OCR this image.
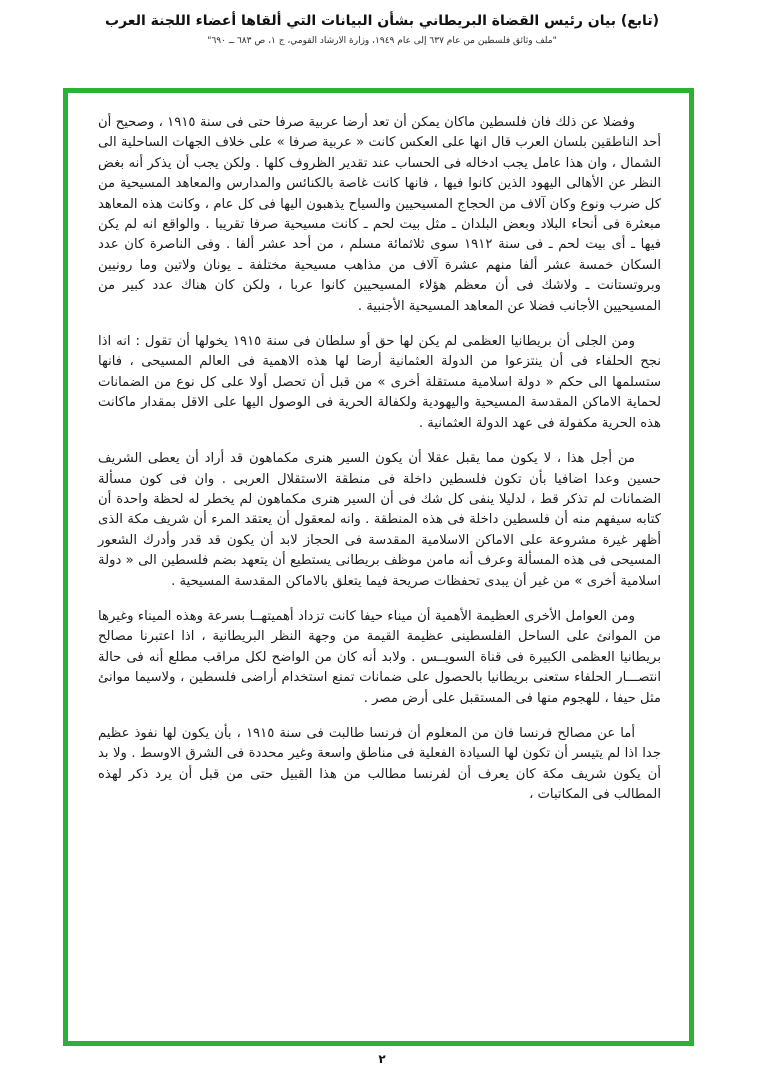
(تابع) بيان رئيس القضاة البريطاني بشأن البيانات التي ألقاها أعضاء اللجنة العرب
"ملف وثائق فلسطين من عام ٦٣٧ إلى عام ١٩٤٩، وزارة الارشاد القومي، ج ١، ص ٦٨٣ ــ ٦٩٠"

وفضلا عن ذلك فان فلسطين ماكان يمكن أن تعد أرضا عربية صرفا حتى فى سنة ١٩١٥ ، وصحيح أن أحد الناطقين بلسان العرب قال انها على العكس كانت « عربية صرفا » على خلاف الجهات الساحلية الى الشمال ، وان هذا عامل يجب ادخاله فى الحساب عند تقدير الظروف كلها . ولكن يجب أن يذكر أنه بغض النظر عن الأهالى اليهود الذين كانوا فيها ، فانها كانت غاصة بالكنائس والمدارس والمعاهد المسيحية من كل ضرب ونوع وكان آلاف من الحجاج المسيحيين والسياح يذهبون اليها فى كل عام ، وكانت هذه المعاهد مبعثرة فى أنحاء البلاد وبعض البلدان ـ مثل بيت لحم ـ كانت مسيحية صرفا تقريبا . والواقع انه لم يكن فيها ـ أى بيت لحم ـ فى سنة ١٩١٢ سوى ثلاثمائة مسلم ، من أحد عشر ألفا . وفى الناصرة كان عدد السكان خمسة عشر ألفا منهم عشرة آلاف من مذاهب مسيحية مختلفة ـ يونان ولاتين وما رونيين وبروتستانت ـ ولاشك فى أن معظم هؤلاء المسيحيين كانوا عربا ، ولكن كان هناك عدد كبير من المسيحيين الأجانب فضلا عن المعاهد المسيحية الأجنبية .

ومن الجلى أن بريطانيا العظمى لم يكن لها حق أو سلطان فى سنة ١٩١٥ يخولها أن تقول : انه اذا نجح الحلفاء فى أن ينتزعوا من الدولة العثمانية أرضا لها هذه الاهمية فى العالم المسيحى ، فانها ستسلمها الى حكم « دولة اسلامية مستقلة أخرى » من قبل أن تحصل أولا على كل نوع من الضمانات لحماية الاماكن المقدسة المسيحية واليهودية ولكفالة الحرية فى الوصول اليها على الاقل بمقدار ماكانت هذه الحرية مكفولة فى عهد الدولة العثمانية .

من أجل هذا ، لا يكون مما يقبل عقلا أن يكون السير هنرى مكماهون قد أراد أن يعطى الشريف حسين وعدا اضافيا بأن تكون فلسطين داخلة فى منطقة الاستقلال العربى . وان فى كون مسألة الضمانات لم تذكر قط ، لدليلا ينفى كل شك فى أن السير هنرى مكماهون لم يخطر له لحظة واحدة أن كتابه سيفهم منه أن فلسطين داخلة فى هذه المنطقة . وانه لمعقول أن يعتقد المرء أن شريف مكة الذى أظهر غيرة مشروعة على الاماكن الاسلامية المقدسة فى الحجاز لابد أن يكون قد قدر وأدرك الشعور المسيحى فى هذه المسألة وعرف أنه مامن موظف بريطانى يستطيع أن يتعهد بضم فلسطين الى « دولة اسلامية أخرى » من غير أن يبدى تحفظات صريحة فيما يتعلق بالاماكن المقدسة المسيحية .

ومن العوامل الأخرى العظيمة الأهمية أن ميناء حيفا كانت تزداد أهميتهــا بسرعة وهذه الميناء وغيرها من الموانئ على الساحل الفلسطينى عظيمة القيمة من وجهة النظر البريطانية ، اذا اعتبرنا مصالح بريطانيا العظمى الكبيرة فى قناة السويــس . ولابد أنه كان من الواضح لكل مراقب مطلع أنه فى حالة انتصـــار الحلفاء ستعنى بريطانيا بالحصول على ضمانات تمنع استخدام أراضى فلسطين ، ولاسيما موانئ مثل حيفا ، للهجوم منها فى المستقبل على أرض مصر .

أما عن مصالح فرنسا فان من المعلوم أن فرنسا طالبت فى سنة ١٩١٥ ، بأن يكون لها نفوذ عظيم جدا اذا لم يتيسر أن تكون لها السيادة الفعلية فى مناطق واسعة وغير محددة فى الشرق الاوسط . ولا بد أن يكون شريف مكة كان يعرف أن لفرنسا مطالب من هذا القبيل حتى من قبل أن يرد ذكر لهذه المطالب فى المكاتبات ،

٢
